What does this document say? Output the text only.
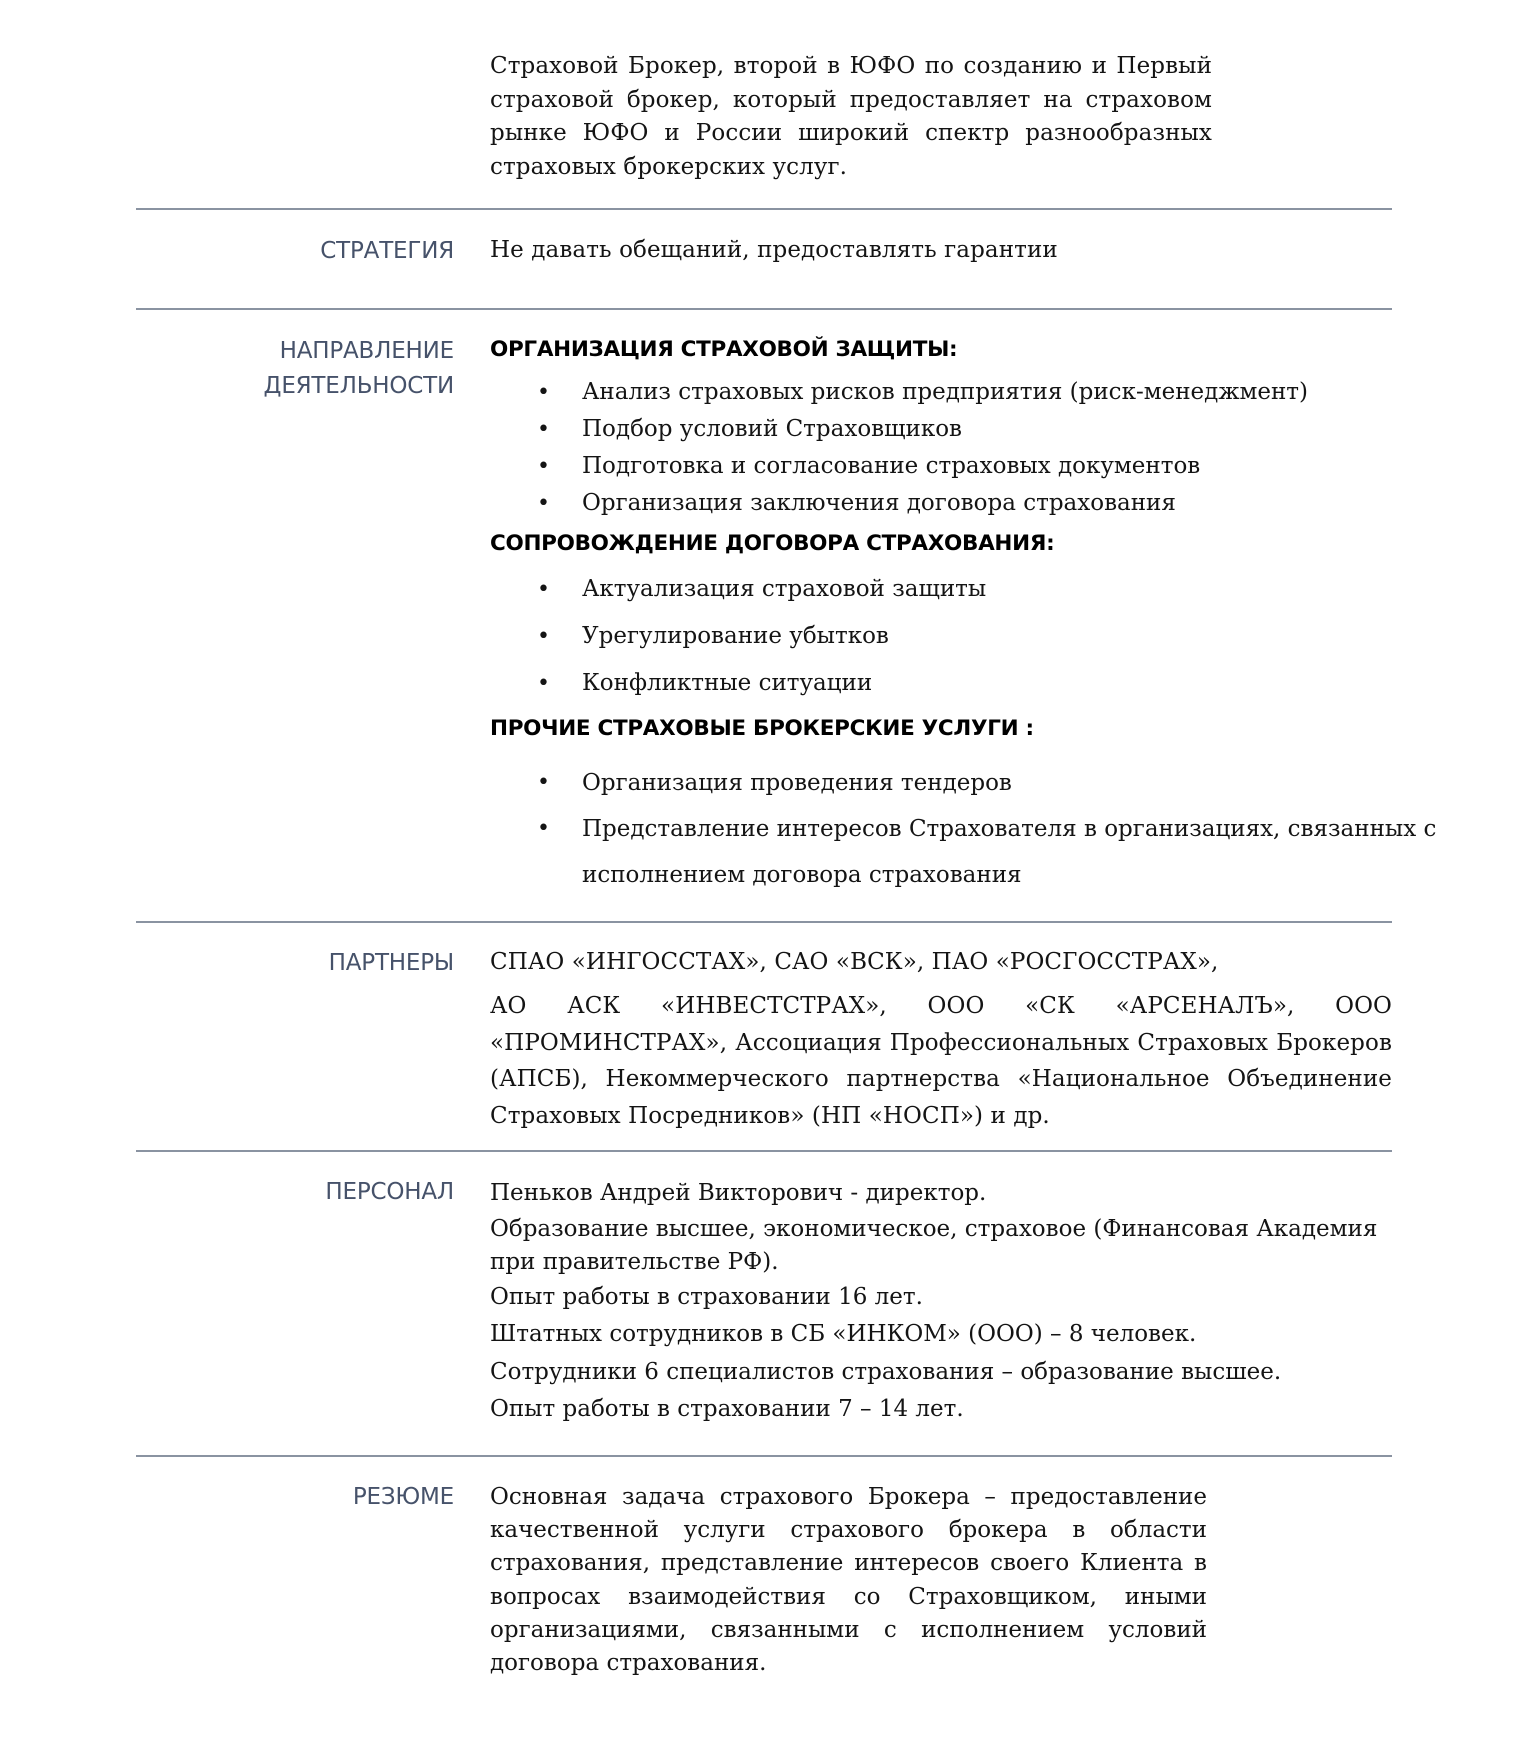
Страховой Брокер, второй в ЮФО по созданию и Первый страховой брокер, который предоставляет на страховом рынке ЮФО и России широкий спектр разнообразных страховых брокерских услуг.
СТРАТЕГИЯ Не давать обещаний, предоставлять гарантии
НАПРАВЛЕНИЕ
ДЕЯТЕЛЬНОСТИ
ОРГАНИЗАЦИЯ СТРАХОВОЙ ЗАЩИТЫ:
• Анализ страховых рисков предприятия (риск-менеджмент)
• Подбор условий Страховщиков
• Подготовка и согласование страховых документов
• Организация заключения договора страхования
СОПРОВОЖДЕНИЕ ДОГОВОРА СТРАХОВАНИЯ:
• Актуализация страховой защиты
• Урегулирование убытков
• Конфликтные ситуации
ПРОЧИЕ СТРАХОВЫЕ БРОКЕРСКИЕ УСЛУГИ :
• Организация проведения тендеров
• Представление интересов Страхователя в организациях, связанных с
исполнением договора страхования
ПАРТНЕРЫ СПАО «ИНГОССТАХ», САО «ВСК», ПАО «РОСГОССТРАХ»,
АО АСК «ИНВЕСТСТРАХ», ООО «СК «АРСЕНАЛЪ», ООО «ПРОМИНСТРАХ», Ассоциация Профессиональных Страховых Брокеров (АПСБ), Некоммерческого партнерства «Национальное Объединение Страховых Посредников» (НП «НОСП») и др.
ПЕРСОНАЛ Пеньков Андрей Викторович - директор.
Образование высшее, экономическое, страховое (Финансовая Академия
при правительстве РФ).
Опыт работы в страховании 16 лет.
Штатных сотрудников в СБ «ИНКОМ» (ООО) – 8 человек.
Сотрудники 6 специалистов страхования – образование высшее.
Опыт работы в страховании 7 – 14 лет.
РЕЗЮМЕ Основная задача страхового Брокера – предоставление качественной услуги страхового брокера в области страхования, представление интересов своего Клиента в вопросах взаимодействия со Страховщиком, иными организациями, связанными с исполнением условий договора страхования.
